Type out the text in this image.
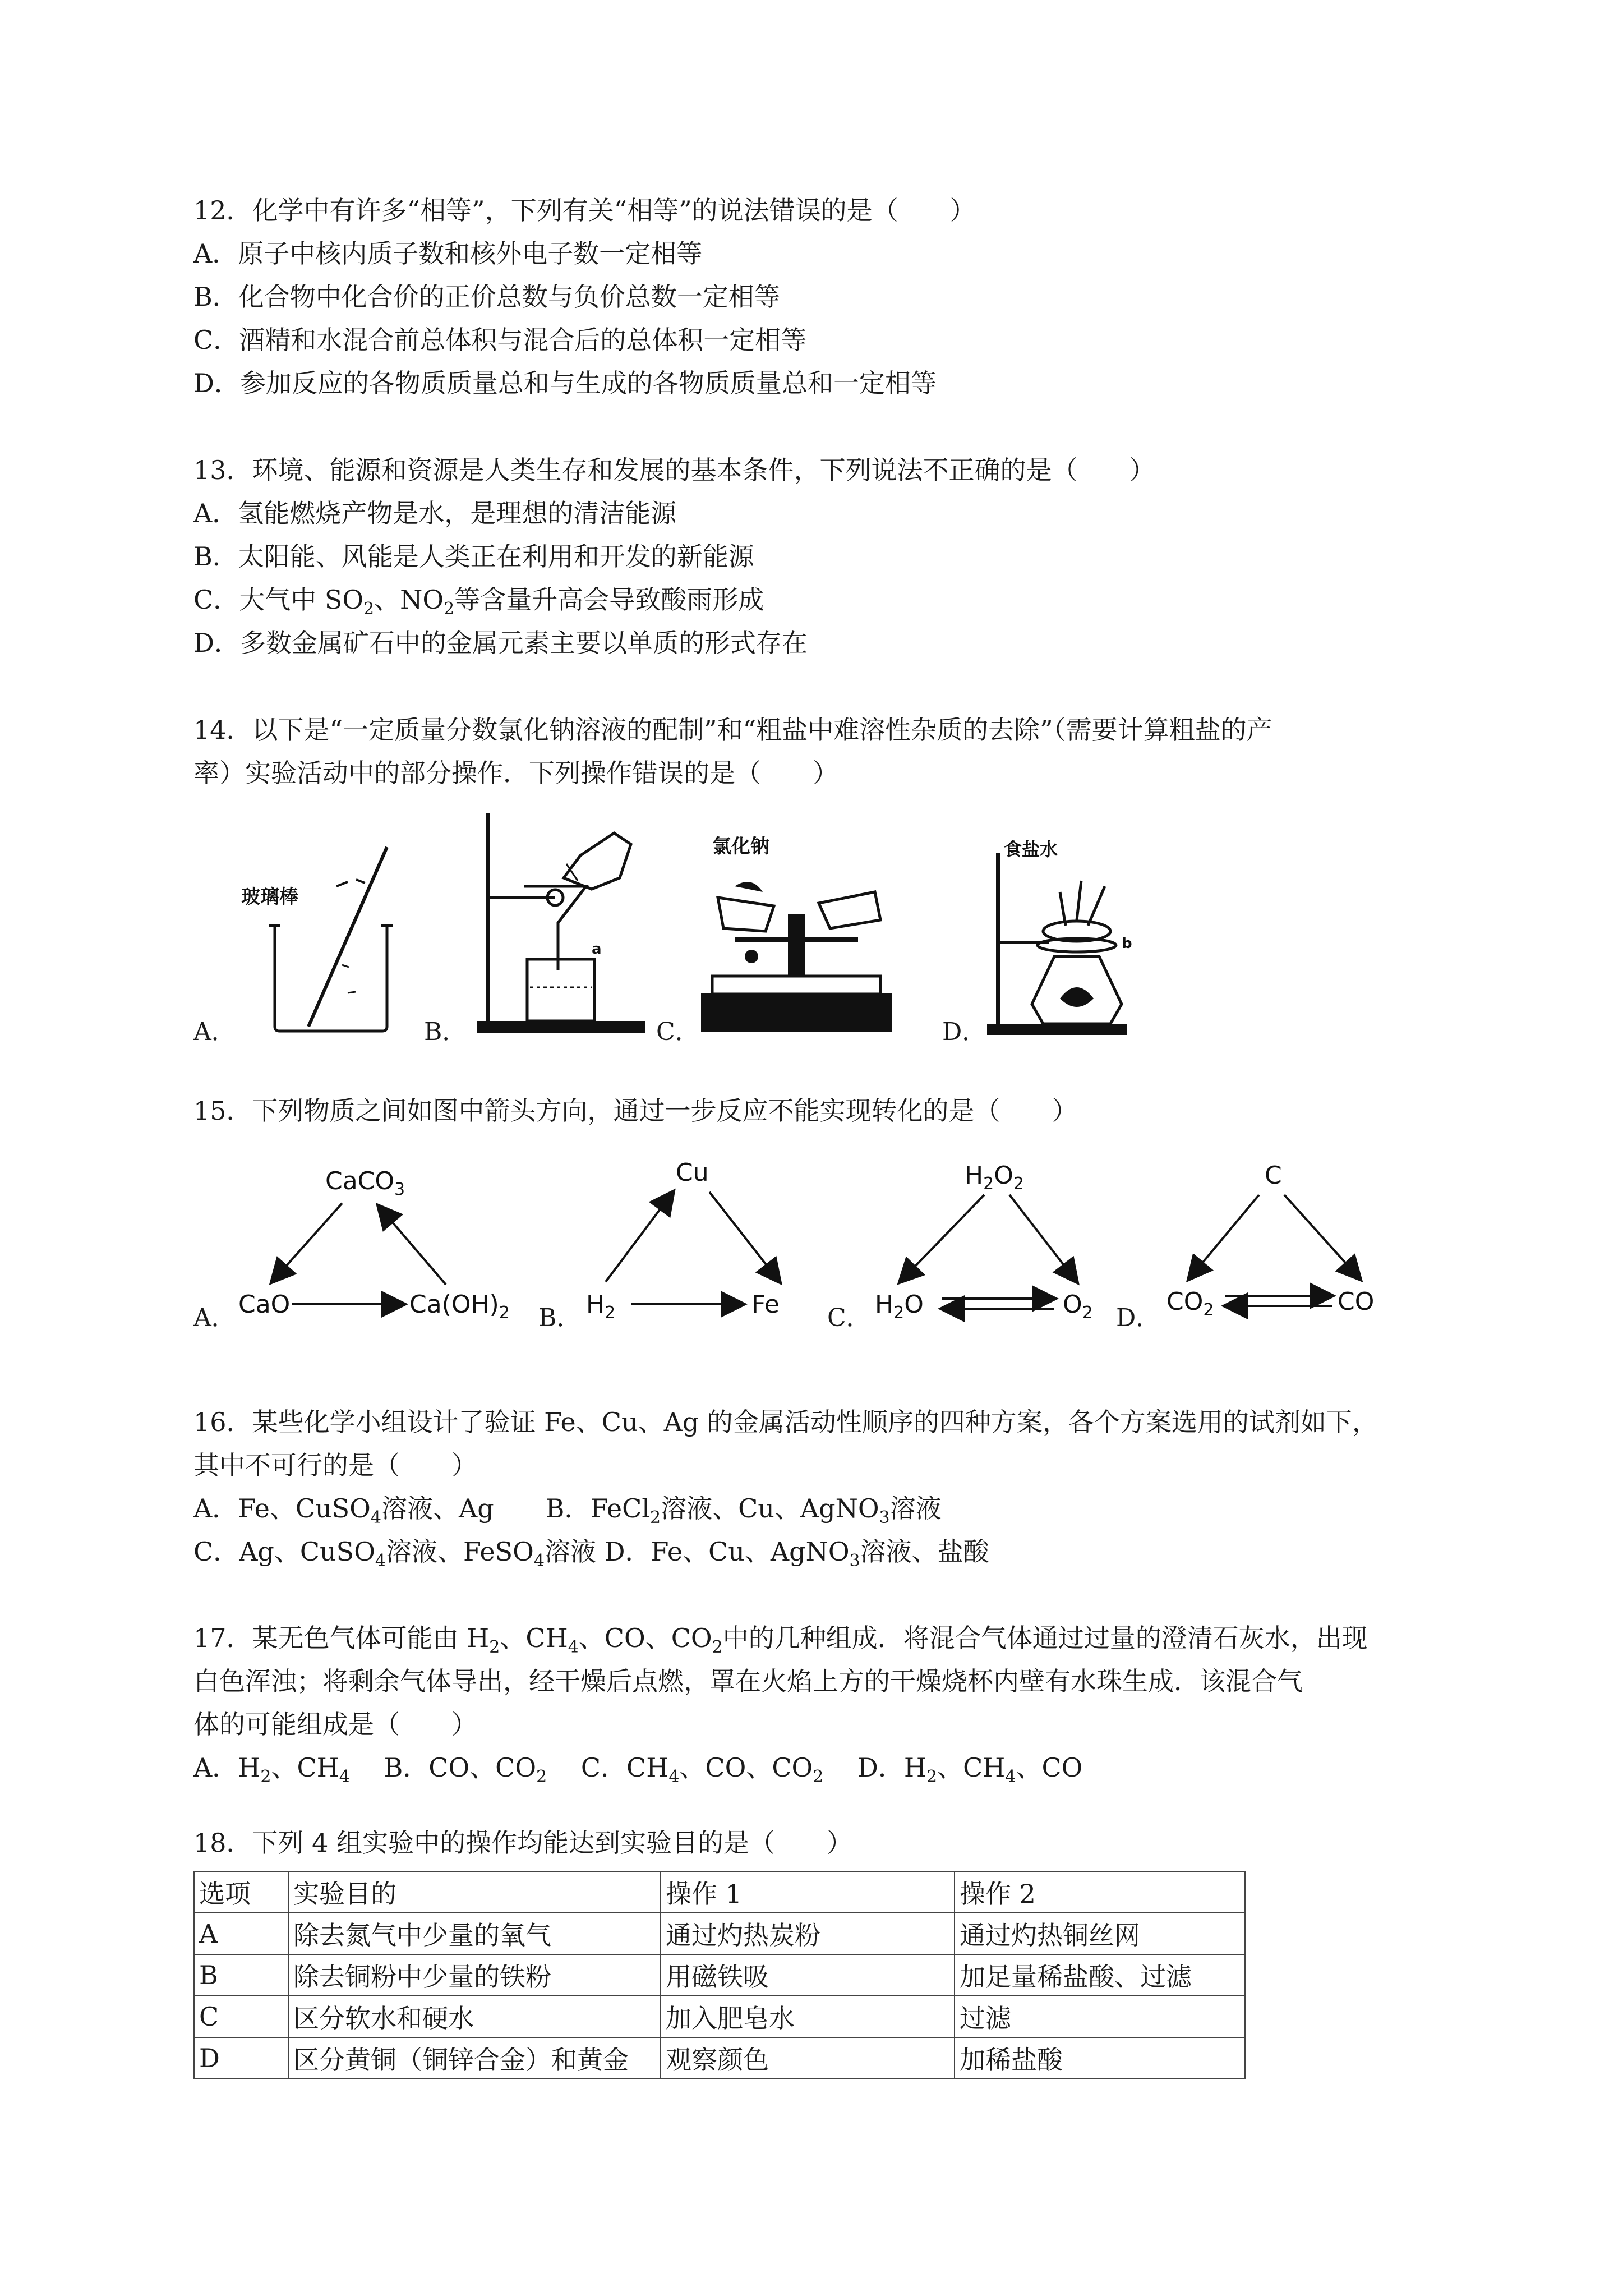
12．化学中有许多“相等”，下列有关“相等”的说法错误的是（　　）
A．原子中核内质子数和核外电子数一定相等
B．化合物中化合价的正价总数与负价总数一定相等
C．酒精和水混合前总体积与混合后的总体积一定相等
D．参加反应的各物质质量总和与生成的各物质质量总和一定相等
13．环境、能源和资源是人类生存和发展的基本条件，下列说法不正确的是（　　）
A．氢能燃烧产物是水，是理想的清洁能源
B．太阳能、风能是人类正在利用和开发的新能源
C．大气中 $SO_2$、$NO_2$等含量升高会导致酸雨形成
D．多数金属矿石中的金属元素主要以单质的形式存在
14．以下是“一定质量分数氯化钠溶液的配制”和“粗盐中难溶性杂质的去除”（需要计算粗盐的产
率）实验活动中的部分操作．下列操作错误的是（　　）
A．	B．	C．	D．
玻璃棒
a
氯化钠	食盐水
b
15．下列物质之间如图中箭头方向，通过一步反应不能实现转化的是（　　）
A．	B．	C．	D．
CaCO$_3$
CaO	$Ca(OH)_2$
Cu
$H_2$	Fe
$H_2O_2$
$H_2O$	$O_2$
C
$CO_2$	CO
16．某些化学小组设计了验证 Fe、Cu、Ag 的金属活动性顺序的四种方案，各个方案选用的试剂如下，
其中不可行的是（　　）
A．Fe、CuSO$_4$溶液、Ag　　B．FeCl$_2$溶液、Cu、AgNO$_3$溶液
C．Ag、CuSO$_4$溶液、FeSO$_4$溶液 D．Fe、Cu、AgNO$_3$溶液、盐酸
17．某无色气体可能由 $H_2$、$CH_4$、CO、$CO_2$中的几种组成．将混合气体通过过量的澄清石灰水，出现
白色浑浊；将剩余气体导出，经干燥后点燃，罩在火焰上方的干燥烧杯内壁有水珠生成．该混合气
体的可能组成是（　　）
A．$H_2$、$CH_4$　 B．CO、$CO_2$　 C．$CH_4$、CO、$CO_2$　 D．$H_2$、$CH_4$、CO
18．下列 4 组实验中的操作均能达到实验目的是（　　）
选项	实验目的	操作 1	操作 2
A	除去氮气中少量的氧气	通过灼热炭粉	通过灼热铜丝网
B	除去铜粉中少量的铁粉	用磁铁吸	加足量稀盐酸、过滤
C	区分软水和硬水	加入肥皂水	过滤
D	区分黄铜（铜锌合金）和黄金	观察颜色	加稀盐酸
